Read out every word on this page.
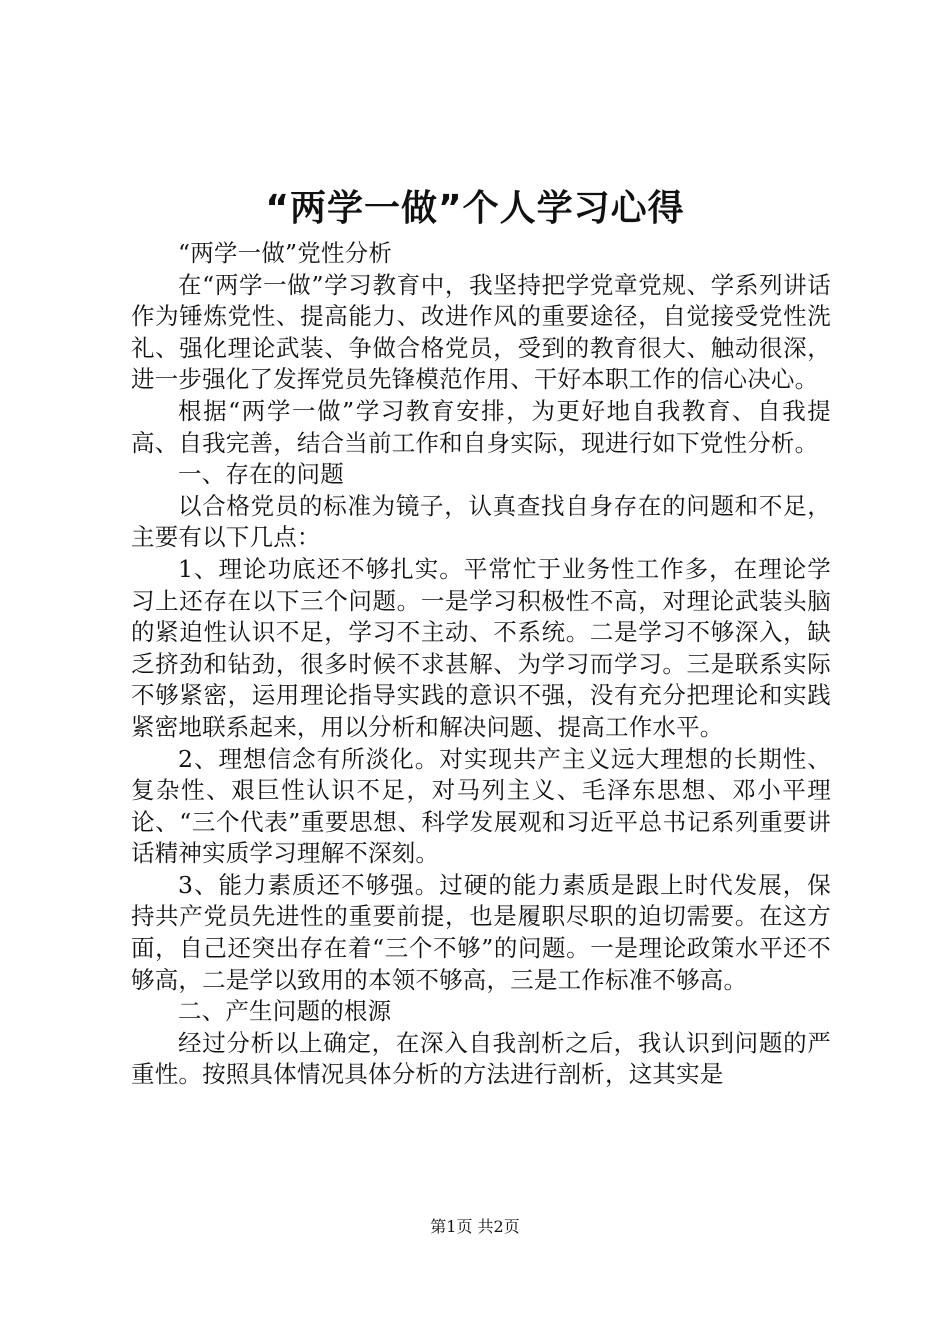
“两学一做”个人学习心得

“两学一做”党性分析

在“两学一做”学习教育中，我坚持把学党章党规、学系列讲话作为锤炼党性、提高能力、改进作风的重要途径，自觉接受党性洗礼、强化理论武装、争做合格党员，受到的教育很大、触动很深，进一步强化了发挥党员先锋模范作用、干好本职工作的信心决心。

根据“两学一做”学习教育安排，为更好地自我教育、自我提高、自我完善，结合当前工作和自身实际，现进行如下党性分析。

一、存在的问题

以合格党员的标准为镜子，认真查找自身存在的问题和不足，主要有以下几点：

1、理论功底还不够扎实。平常忙于业务性工作多，在理论学习上还存在以下三个问题。一是学习积极性不高，对理论武装头脑的紧迫性认识不足，学习不主动、不系统。二是学习不够深入，缺乏挤劲和钻劲，很多时候不求甚解、为学习而学习。三是联系实际不够紧密，运用理论指导实践的意识不强，没有充分把理论和实践紧密地联系起来，用以分析和解决问题、提高工作水平。

2、理想信念有所淡化。对实现共产主义远大理想的长期性、复杂性、艰巨性认识不足，对马列主义、毛泽东思想、邓小平理论、“三个代表”重要思想、科学发展观和习近平总书记系列重要讲话精神实质学习理解不深刻。

3、能力素质还不够强。过硬的能力素质是跟上时代发展，保持共产党员先进性的重要前提，也是履职尽职的迫切需要。在这方面，自己还突出存在着“三个不够”的问题。一是理论政策水平还不够高，二是学以致用的本领不够高，三是工作标准不够高。

二、产生问题的根源

经过分析以上确定，在深入自我剖析之后，我认识到问题的严重性。按照具体情况具体分析的方法进行剖析，这其实是

第1页 共2页
